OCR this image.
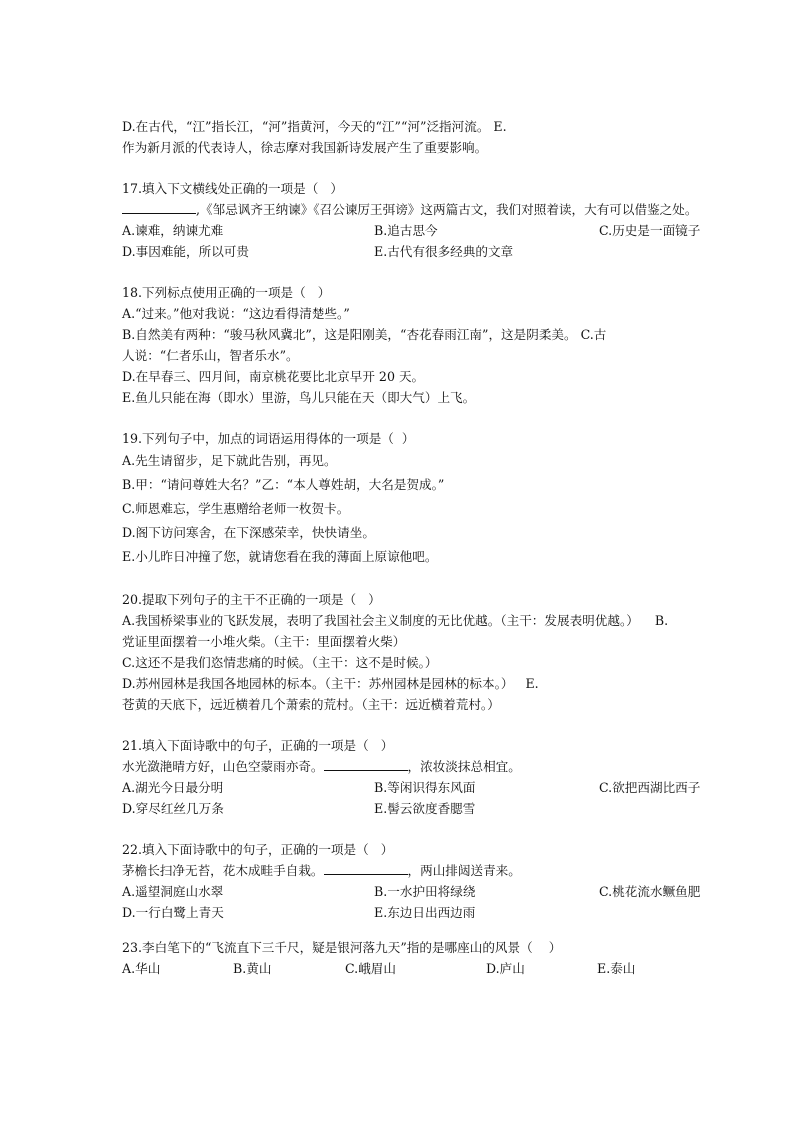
D.在古代，“江”指长江，“河”指黄河，今天的“江”“河”泛指河流。 E.
作为新月派的代表诗人，徐志摩对我国新诗发展产生了重要影响。
17.填入下文横线处正确的一项是（   ）
,《邹忌讽齐王纳谏》《召公谏厉王弭谤》这两篇古文，我们对照着读，大有可以借鉴之处。
A.谏难，纳谏尤难	B.追古思今	C.历史是一面镜子
D.事因难能，所以可贵	E.古代有很多经典的文章
18.下列标点使用正确的一项是（   ）
A.“过来。”他对我说：“这边看得清楚些。”
B.自然美有两种：“骏马秋风冀北”，这是阳刚美，“杏花春雨江南”，这是阴柔美。 C.古
人说：“仁者乐山，智者乐水”。
D.在早春三、四月间，南京桃花要比北京早开 20 天。
E.鱼儿只能在海（即水）里游，鸟儿只能在天（即大气）上飞。
19.下列句子中，加点的词语运用得体的一项是（  ）
A.先生请留步，足下就此告别，再见。
B.甲：“请问尊姓大名？”乙：“本人尊姓胡，大名是贺成。”
C.师恩难忘，学生惠赠给老师一枚贺卡。
D.阁下访问寒舍，在下深感荣幸，快快请坐。
E.小儿昨日冲撞了您，就请您看在我的薄面上原谅他吧。
20.提取下列句子的主干不正确的一项是（   ）
A.我国桥梁事业的飞跃发展，表明了我国社会主义制度的无比优越。（主干：发展表明优越。）    B.
党证里面摆着一小堆火柴。（主干：里面摆着火柴）
C.这还不是我们恣情悲痛的时候。（主干：这不是时候。）
D.苏州园林是我国各地园林的标本。（主干：苏州园林是园林的标本。）   E.
苍黄的天底下，远近横着几个萧索的荒村。（主干：远近横着荒村。）
21.填入下面诗歌中的句子，正确的一项是（   ）
水光潋滟晴方好，山色空蒙雨亦奇。	，浓妆淡抹总相宜。
A.湖光今日最分明	B.等闲识得东风面	C.欲把西湖比西子
D.穿尽红丝几万条	E.髻云欲度香腮雪
22.填入下面诗歌中的句子，正确的一项是（   ）
茅檐长扫净无苔，花木成畦手自栽。	，两山排闼送青来。
A.遥望洞庭山水翠	B.一水护田将绿绕	C.桃花流水鳜鱼肥
D.一行白鹭上青天	E.东边日出西边雨
23.李白笔下的“飞流直下三千尺，疑是银河落九天”指的是哪座山的风景（    ）
A.华山	B.黄山	C.峨眉山	D.庐山	E.泰山
